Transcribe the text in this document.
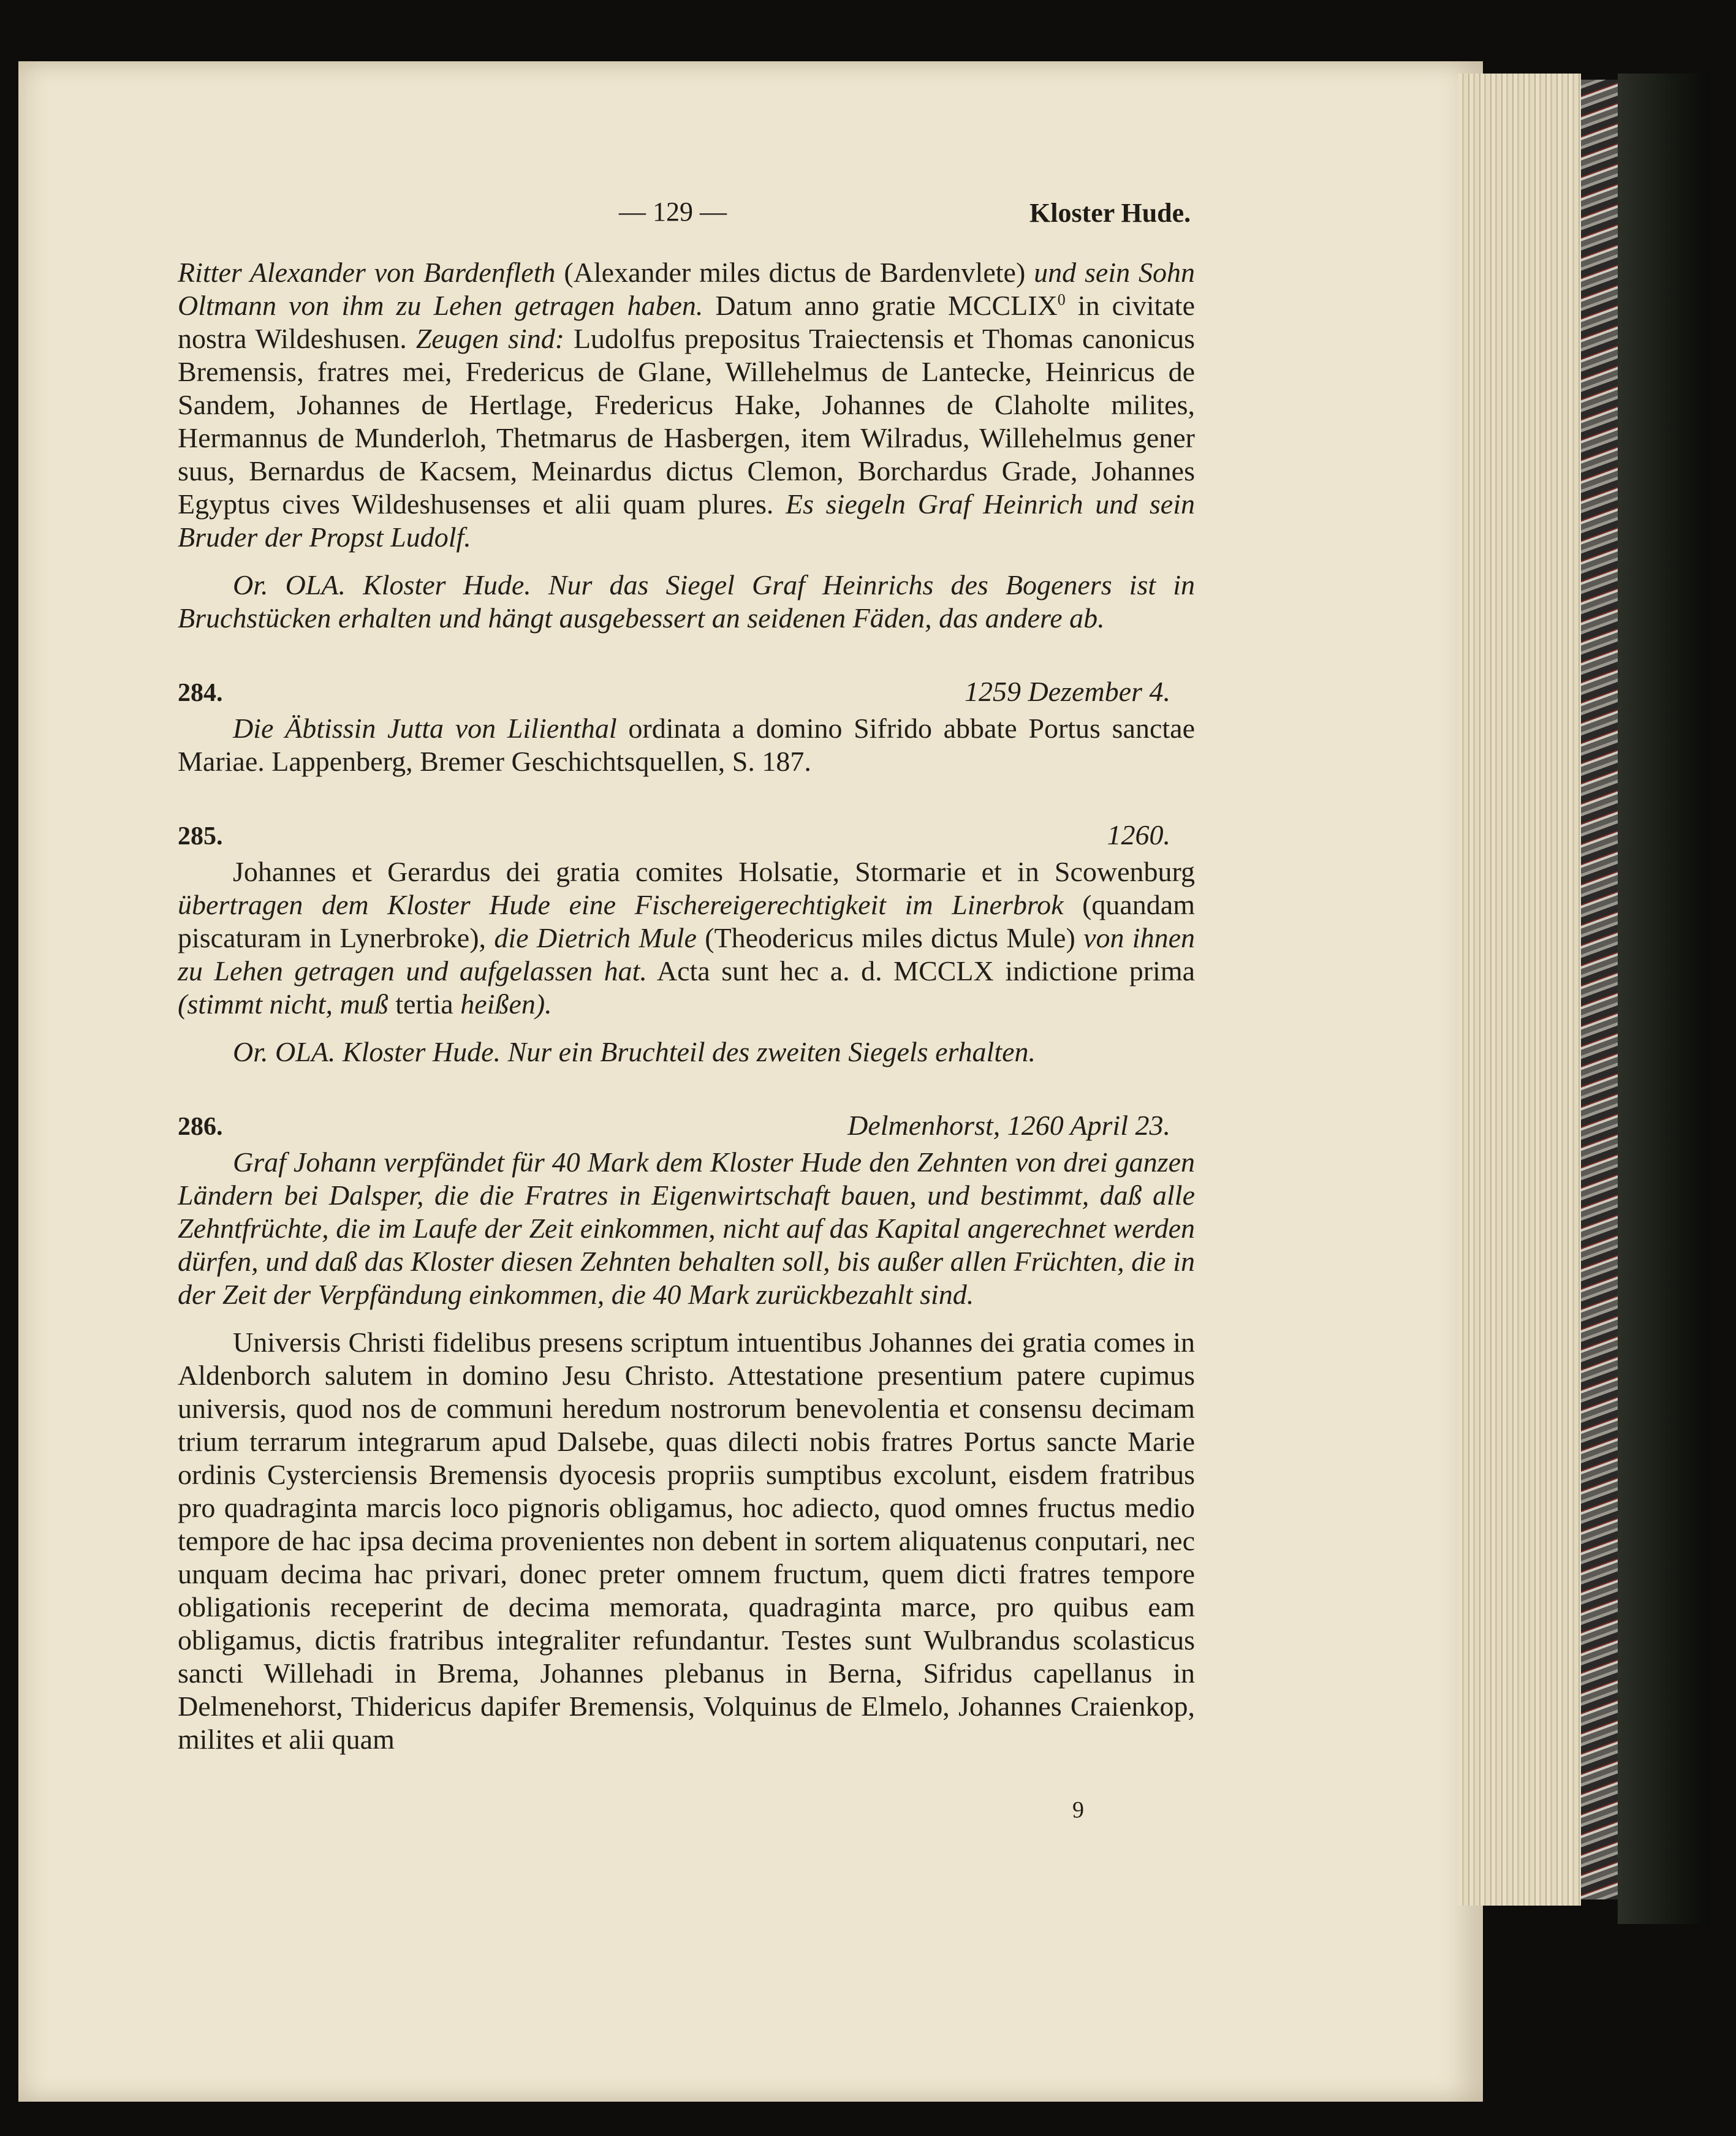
— 129 —	Kloster Hude.

Ritter Alexander von Bardenfleth (Alexander miles dictus de Bardenvlete) und sein Sohn Oltmann von ihm zu Lehen getragen haben. Datum anno gratie MCCLIX$^0$ in civitate nostra Wildeshusen. Zeugen sind: Ludolfus prepositus Traiectensis et Thomas canonicus Bremensis, fratres mei, Fredericus de Glane, Willehelmus de Lantecke, Heinricus de Sandem, Johannes de Hertlage, Fredericus Hake, Johannes de Claholte milites, Hermannus de Munderloh, Thetmarus de Hasbergen, item Wilradus, Willehelmus gener suus, Bernardus de Kacsem, Meinardus dictus Clemon, Borchardus Grade, Johannes Egyptus cives Wildeshusenses et alii quam plures. Es siegeln Graf Heinrich und sein Bruder der Propst Ludolf.

Or. OLA. Kloster Hude. Nur das Siegel Graf Heinrichs des Bogeners ist in Bruchstücken erhalten und hängt ausgebessert an seidenen Fäden, das andere ab.

284.	1259 Dezember 4.

Die Äbtissin Jutta von Lilienthal ordinata a domino Sifrido abbate Portus sanctae Mariae. Lappenberg, Bremer Geschichtsquellen, S. 187.

285.	1260.

Johannes et Gerardus dei gratia comites Holsatie, Stormarie et in Scowenburg übertragen dem Kloster Hude eine Fischereigerechtigkeit im Linerbrok (quandam piscaturam in Lynerbroke), die Dietrich Mule (Theodericus miles dictus Mule) von ihnen zu Lehen getragen und aufgelassen hat. Acta sunt hec a. d. MCCLX indictione prima (stimmt nicht, muß tertia heißen).

Or. OLA. Kloster Hude. Nur ein Bruchteil des zweiten Siegels erhalten.

286.	Delmenhorst, 1260 April 23.

Graf Johann verpfändet für 40 Mark dem Kloster Hude den Zehnten von drei ganzen Ländern bei Dalsper, die die Fratres in Eigenwirtschaft bauen, und bestimmt, daß alle Zehntfrüchte, die im Laufe der Zeit einkommen, nicht auf das Kapital angerechnet werden dürfen, und daß das Kloster diesen Zehnten behalten soll, bis außer allen Früchten, die in der Zeit der Verpfändung einkommen, die 40 Mark zurückbezahlt sind.

Universis Christi fidelibus presens scriptum intuentibus Johannes dei gratia comes in Aldenborch salutem in domino Jesu Christo. Attestatione presentium patere cupimus universis, quod nos de communi heredum nostrorum benevolentia et consensu decimam trium terrarum integrarum apud Dalsebe, quas dilecti nobis fratres Portus sancte Marie ordinis Cysterciensis Bremensis dyocesis propriis sumptibus excolunt, eisdem fratribus pro quadraginta marcis loco pignoris obligamus, hoc adiecto, quod omnes fructus medio tempore de hac ipsa decima provenientes non debent in sortem aliquatenus conputari, nec unquam decima hac privari, donec preter omnem fructum, quem dicti fratres tempore obligationis receperint de decima memorata, quadraginta marce, pro quibus eam obligamus, dictis fratribus integraliter refundantur. Testes sunt Wulbrandus scolasticus sancti Willehadi in Brema, Johannes plebanus in Berna, Sifridus capellanus in Delmenehorst, Thidericus dapifer Bremensis, Volquinus de Elmelo, Johannes Craienkop, milites et alii quam

9
